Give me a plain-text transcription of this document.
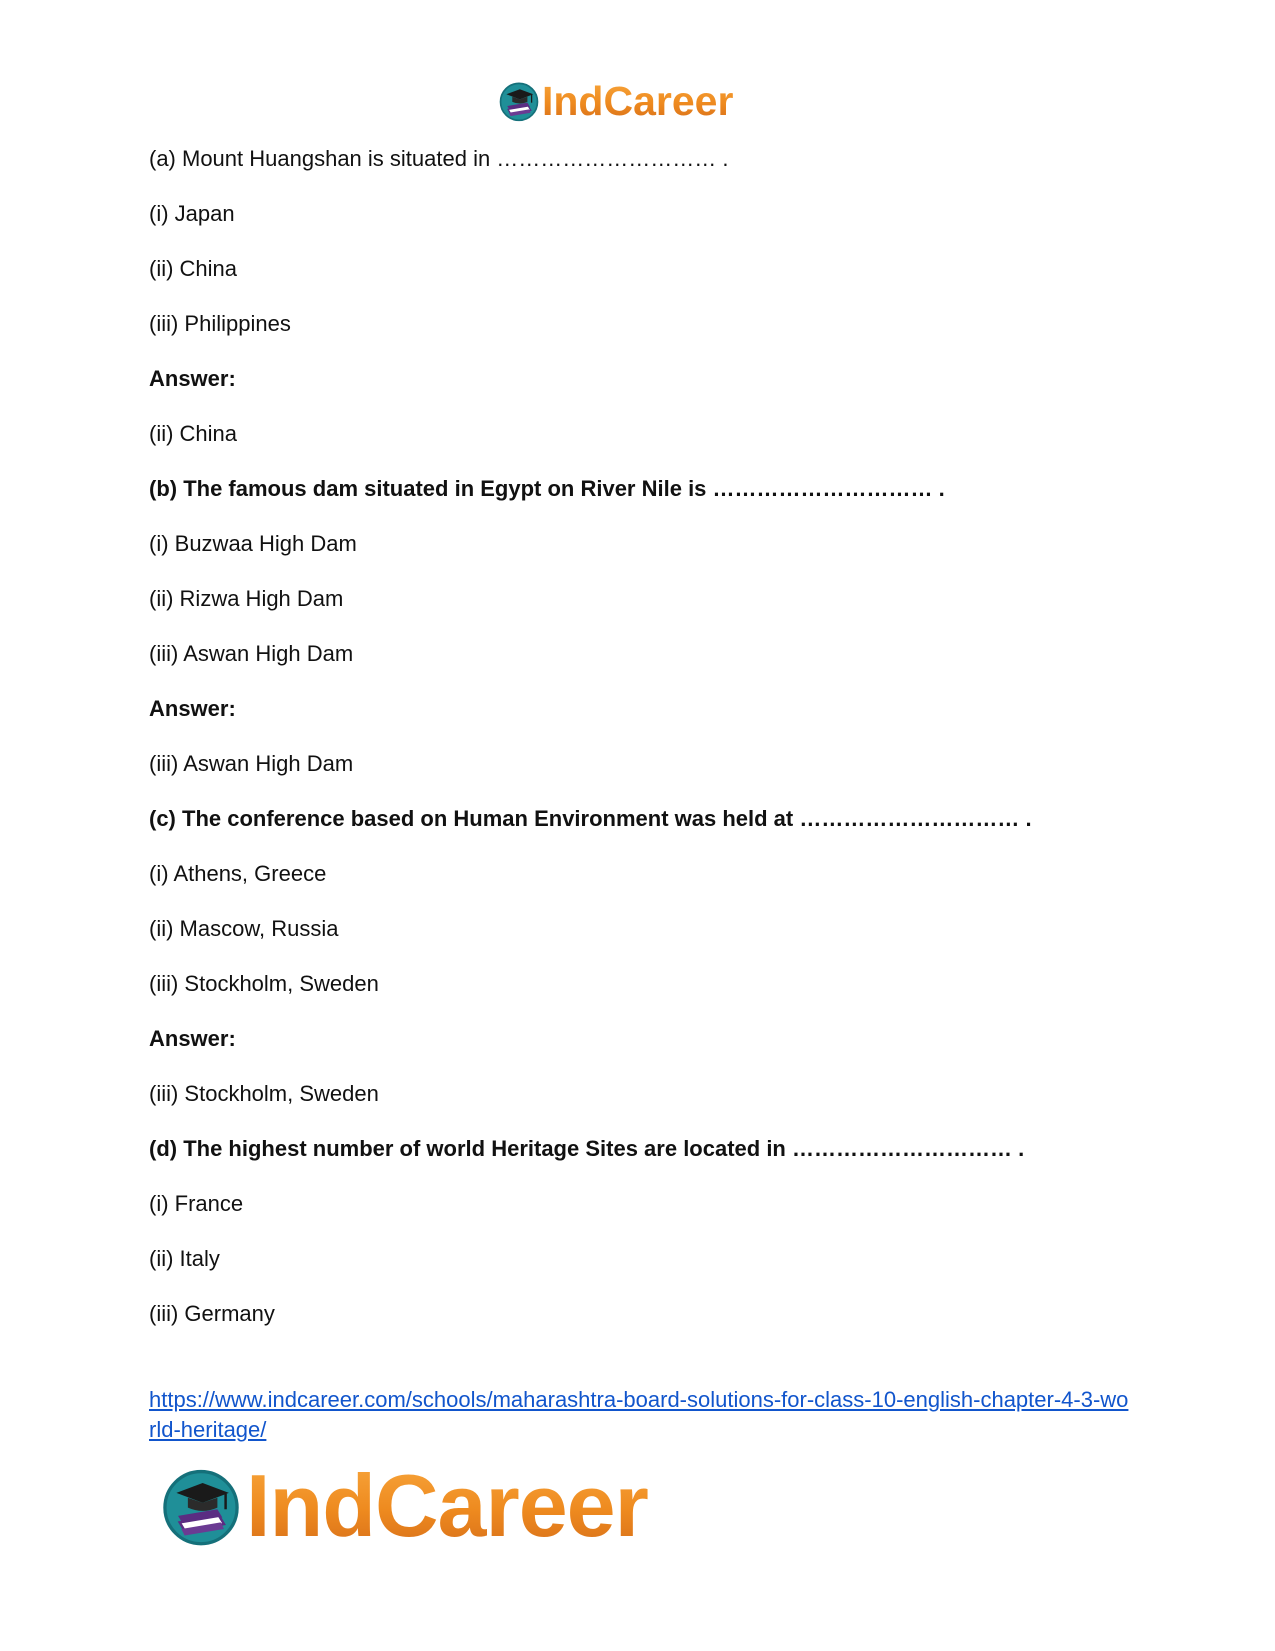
IndCareer
(a) Mount Huangshan is situated in ………………………… .
(i) Japan
(ii) China
(iii) Philippines
Answer:
(ii) China
(b) The famous dam situated in Egypt on River Nile is ………………………… .
(i) Buzwaa High Dam
(ii) Rizwa High Dam
(iii) Aswan High Dam
Answer:
(iii) Aswan High Dam
(c) The conference based on Human Environment was held at ………………………… .
(i) Athens, Greece
(ii) Mascow, Russia
(iii) Stockholm, Sweden
Answer:
(iii) Stockholm, Sweden
(d) The highest number of world Heritage Sites are located in ………………………… .
(i) France
(ii) Italy
(iii) Germany
https://www.indcareer.com/schools/maharashtra-board-solutions-for-class-10-english-chapter-4-3-world-heritage/
IndCareer
